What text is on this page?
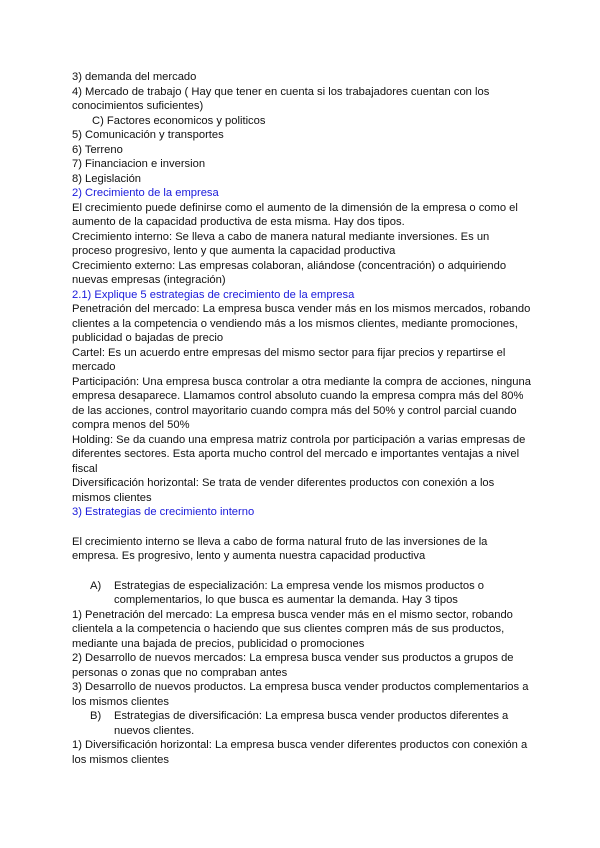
3) demanda del mercado

4) Mercado de trabajo ( Hay que tener en cuenta si los trabajadores cuentan con los conocimientos suficientes)

C) Factores economicos y politicos

5) Comunicación y transportes

6) Terreno

7) Financiacion e inversion

8) Legislación

2) Crecimiento de la empresa

El crecimiento puede definirse como el aumento de la dimensión de la empresa o como el aumento de la capacidad productiva de esta misma. Hay dos tipos.

Crecimiento interno: Se lleva a cabo de manera natural mediante inversiones. Es un proceso progresivo, lento y que aumenta la capacidad productiva

Crecimiento externo: Las empresas colaboran, aliándose (concentración) o adquiriendo nuevas empresas (integración)

2.1) Explique 5 estrategias de crecimiento de la empresa

Penetración del mercado: La empresa busca vender más en los mismos mercados, robando clientes a la competencia o vendiendo más a los mismos clientes, mediante promociones, publicidad o bajadas de precio

Cartel: Es un acuerdo entre empresas del mismo sector para fijar precios y repartirse el mercado

Participación: Una empresa busca controlar a otra mediante la compra de acciones, ninguna empresa desaparece. Llamamos control absoluto cuando la empresa compra más del 80% de las acciones, control mayoritario cuando compra más del 50% y control parcial cuando compra menos del 50%

Holding: Se da cuando una empresa matriz controla por participación a varias empresas de diferentes sectores. Esta aporta mucho control del mercado e importantes ventajas a nivel fiscal

Diversificación horizontal: Se trata de vender diferentes productos con conexión a los mismos clientes

3) Estrategias de crecimiento interno

El crecimiento interno se lleva a cabo de forma natural fruto de las inversiones de la empresa. Es progresivo, lento y aumenta nuestra capacidad productiva

A) Estrategias de especialización: La empresa vende los mismos productos o complementarios, lo que busca es aumentar la demanda. Hay 3 tipos

1) Penetración del mercado: La empresa busca vender más en el mismo sector, robando clientela a la competencia o haciendo que sus clientes compren más de sus productos, mediante una bajada de precios, publicidad o promociones

2) Desarrollo de nuevos mercados: La empresa busca vender sus productos a grupos de personas o zonas que no compraban antes

3) Desarrollo de nuevos productos. La empresa busca vender productos complementarios a los mismos clientes

B) Estrategias de diversificación: La empresa busca vender productos diferentes a nuevos clientes.

1) Diversificación horizontal: La empresa busca vender diferentes productos con conexión a los mismos clientes
